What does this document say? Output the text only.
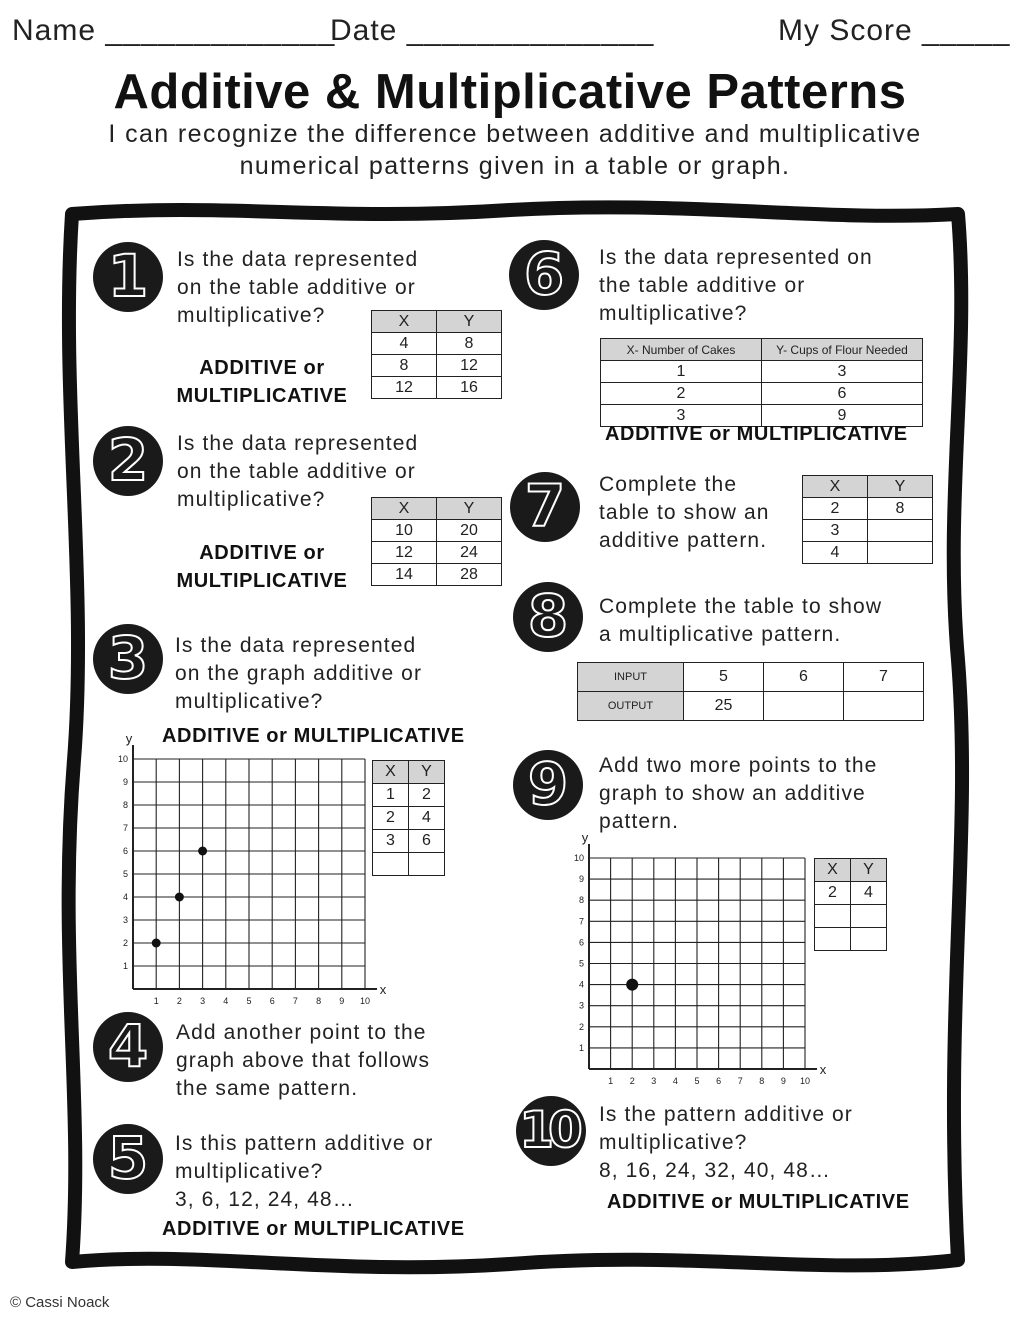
Name _____________
Date ______________	My Score _____
Additive & Multiplicative Patterns
I can recognize the difference between additive and multiplicative
numerical patterns given in a table or graph.
1 Is the data represented
on the table additive or
multiplicative?
ADDITIVE or
MULTIPLICATIVE
X	Y
4	8
8	12
12	16
2 Is the data represented
on the table additive or
multiplicative?
ADDITIVE or
MULTIPLICATIVE
X	Y
10	20
12	24
14	28
3 Is the data represented
on the graph additive or
multiplicative?
ADDITIVE or MULTIPLICATIVE
y
x
1 2 3 4 5 6 7 8 9 10
1
2
3
4
5
6
7
8
9
10
X	Y
1	2
2	4
3	6

4 Add another point to the
graph above that follows
the same pattern.
5 Is this pattern additive or
multiplicative?
3, 6, 12, 24, 48…
ADDITIVE or MULTIPLICATIVE
6 Is the data represented on
the table additive or
multiplicative?
X- Number of Cakes	Y- Cups of Flour Needed
1	3
2	6
3	9
ADDITIVE or MULTIPLICATIVE
7 Complete the
table to show an
additive pattern.
X	Y
2	8
3	
4	
8 Complete the table to show
a multiplicative pattern.
INPUT	5	6	7
OUTPUT	25		
9 Add two more points to the
graph to show an additive
pattern.
y
x
1 2 3 4 5 6 7 8 9 10
1
2
3
4
5
6
7
8
9
10
X	Y
2	4

10 Is the pattern additive or
multiplicative?
8, 16, 24, 32, 40, 48…
ADDITIVE or MULTIPLICATIVE
© Cassi Noack
